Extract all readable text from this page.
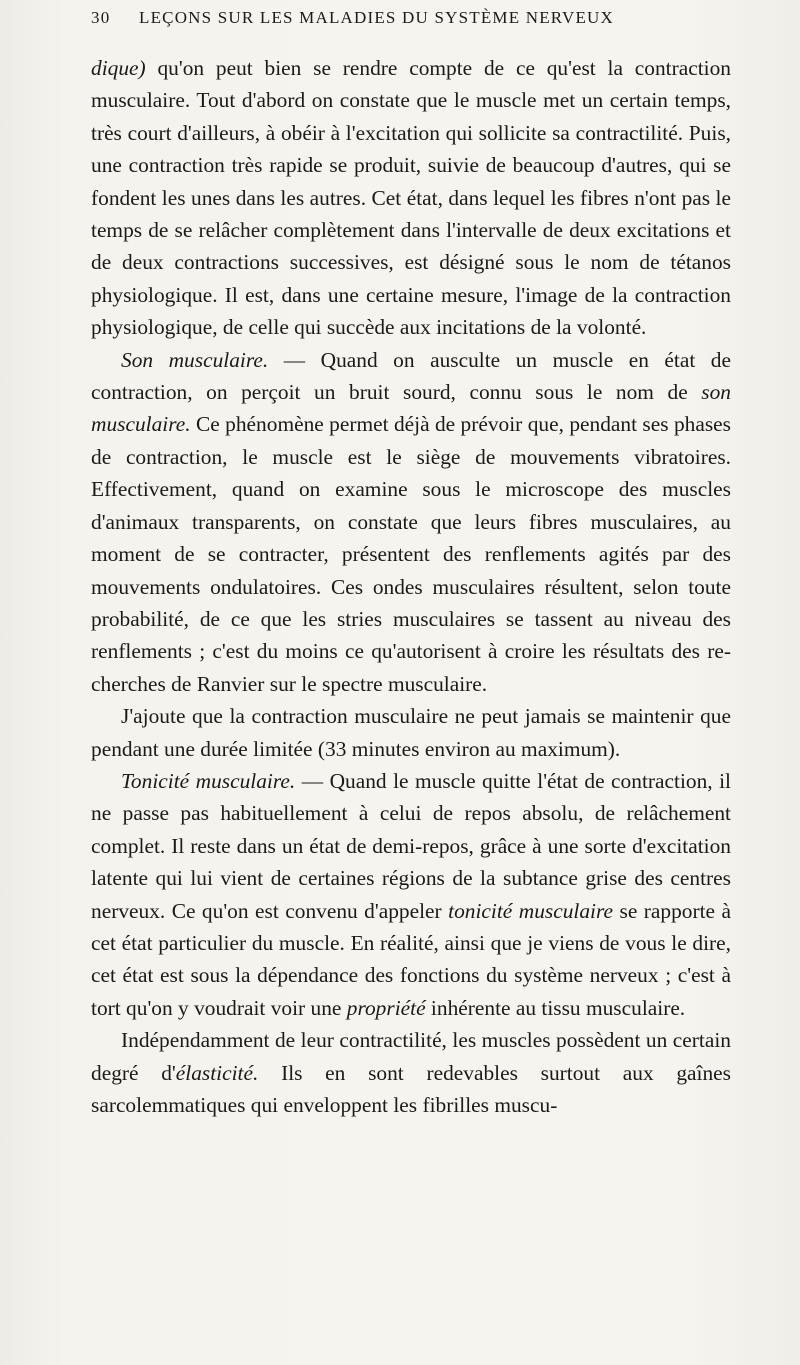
30 LEÇONS SUR LES MALADIES DU SYSTÈME NERVEUX

dique) qu'on peut bien se rendre compte de ce qu'est la contraction musculaire. Tout d'abord on constate que le muscle met un certain temps, très court d'ailleurs, à obéir à l'excitation qui sollicite sa contractilité. Puis, une contraction très rapide se produit, suivie de beaucoup d'autres, qui se fondent les unes dans les autres. Cet état, dans lequel les fibres n'ont pas le temps de se relâcher complètement dans l'intervalle de deux excitations et de deux contractions successives, est désigné sous le nom de tétanos physiologique. Il est, dans une certaine mesure, l'image de la contraction physiologique, de celle qui succède aux incitations de la volonté.

Son musculaire. — Quand on ausculte un muscle en état de contraction, on perçoit un bruit sourd, connu sous le nom de son musculaire. Ce phénomène permet déjà de prévoir que, pendant ses phases de contraction, le muscle est le siège de mouvements vibratoires. Effectivement, quand on examine sous le microscope des muscles d'animaux transparents, on constate que leurs fibres musculaires, au moment de se contracter, présentent des renflements agités par des mouvements ondulatoires. Ces ondes musculaires résultent, selon toute probabilité, de ce que les stries musculaires se tassent au niveau des renflements ; c'est du moins ce qu'autorisent à croire les résultats des recherches de Ranvier sur le spectre musculaire.

J'ajoute que la contraction musculaire ne peut jamais se maintenir que pendant une durée limitée (33 minutes environ au maximum).

Tonicité musculaire. — Quand le muscle quitte l'état de contraction, il ne passe pas habituellement à celui de repos absolu, de relâchement complet. Il reste dans un état de demi-repos, grâce à une sorte d'excitation latente qui lui vient de certaines régions de la subtance grise des centres nerveux. Ce qu'on est convenu d'appeler tonicité musculaire se rapporte à cet état particulier du muscle. En réalité, ainsi que je viens de vous le dire, cet état est sous la dépendance des fonctions du système nerveux ; c'est à tort qu'on y voudrait voir une propriété inhérente au tissu musculaire.

Indépendamment de leur contractilité, les muscles possèdent un certain degré d'élasticité. Ils en sont redevables surtout aux gaînes sarcolemmatiques qui enveloppent les fibrilles muscu-
